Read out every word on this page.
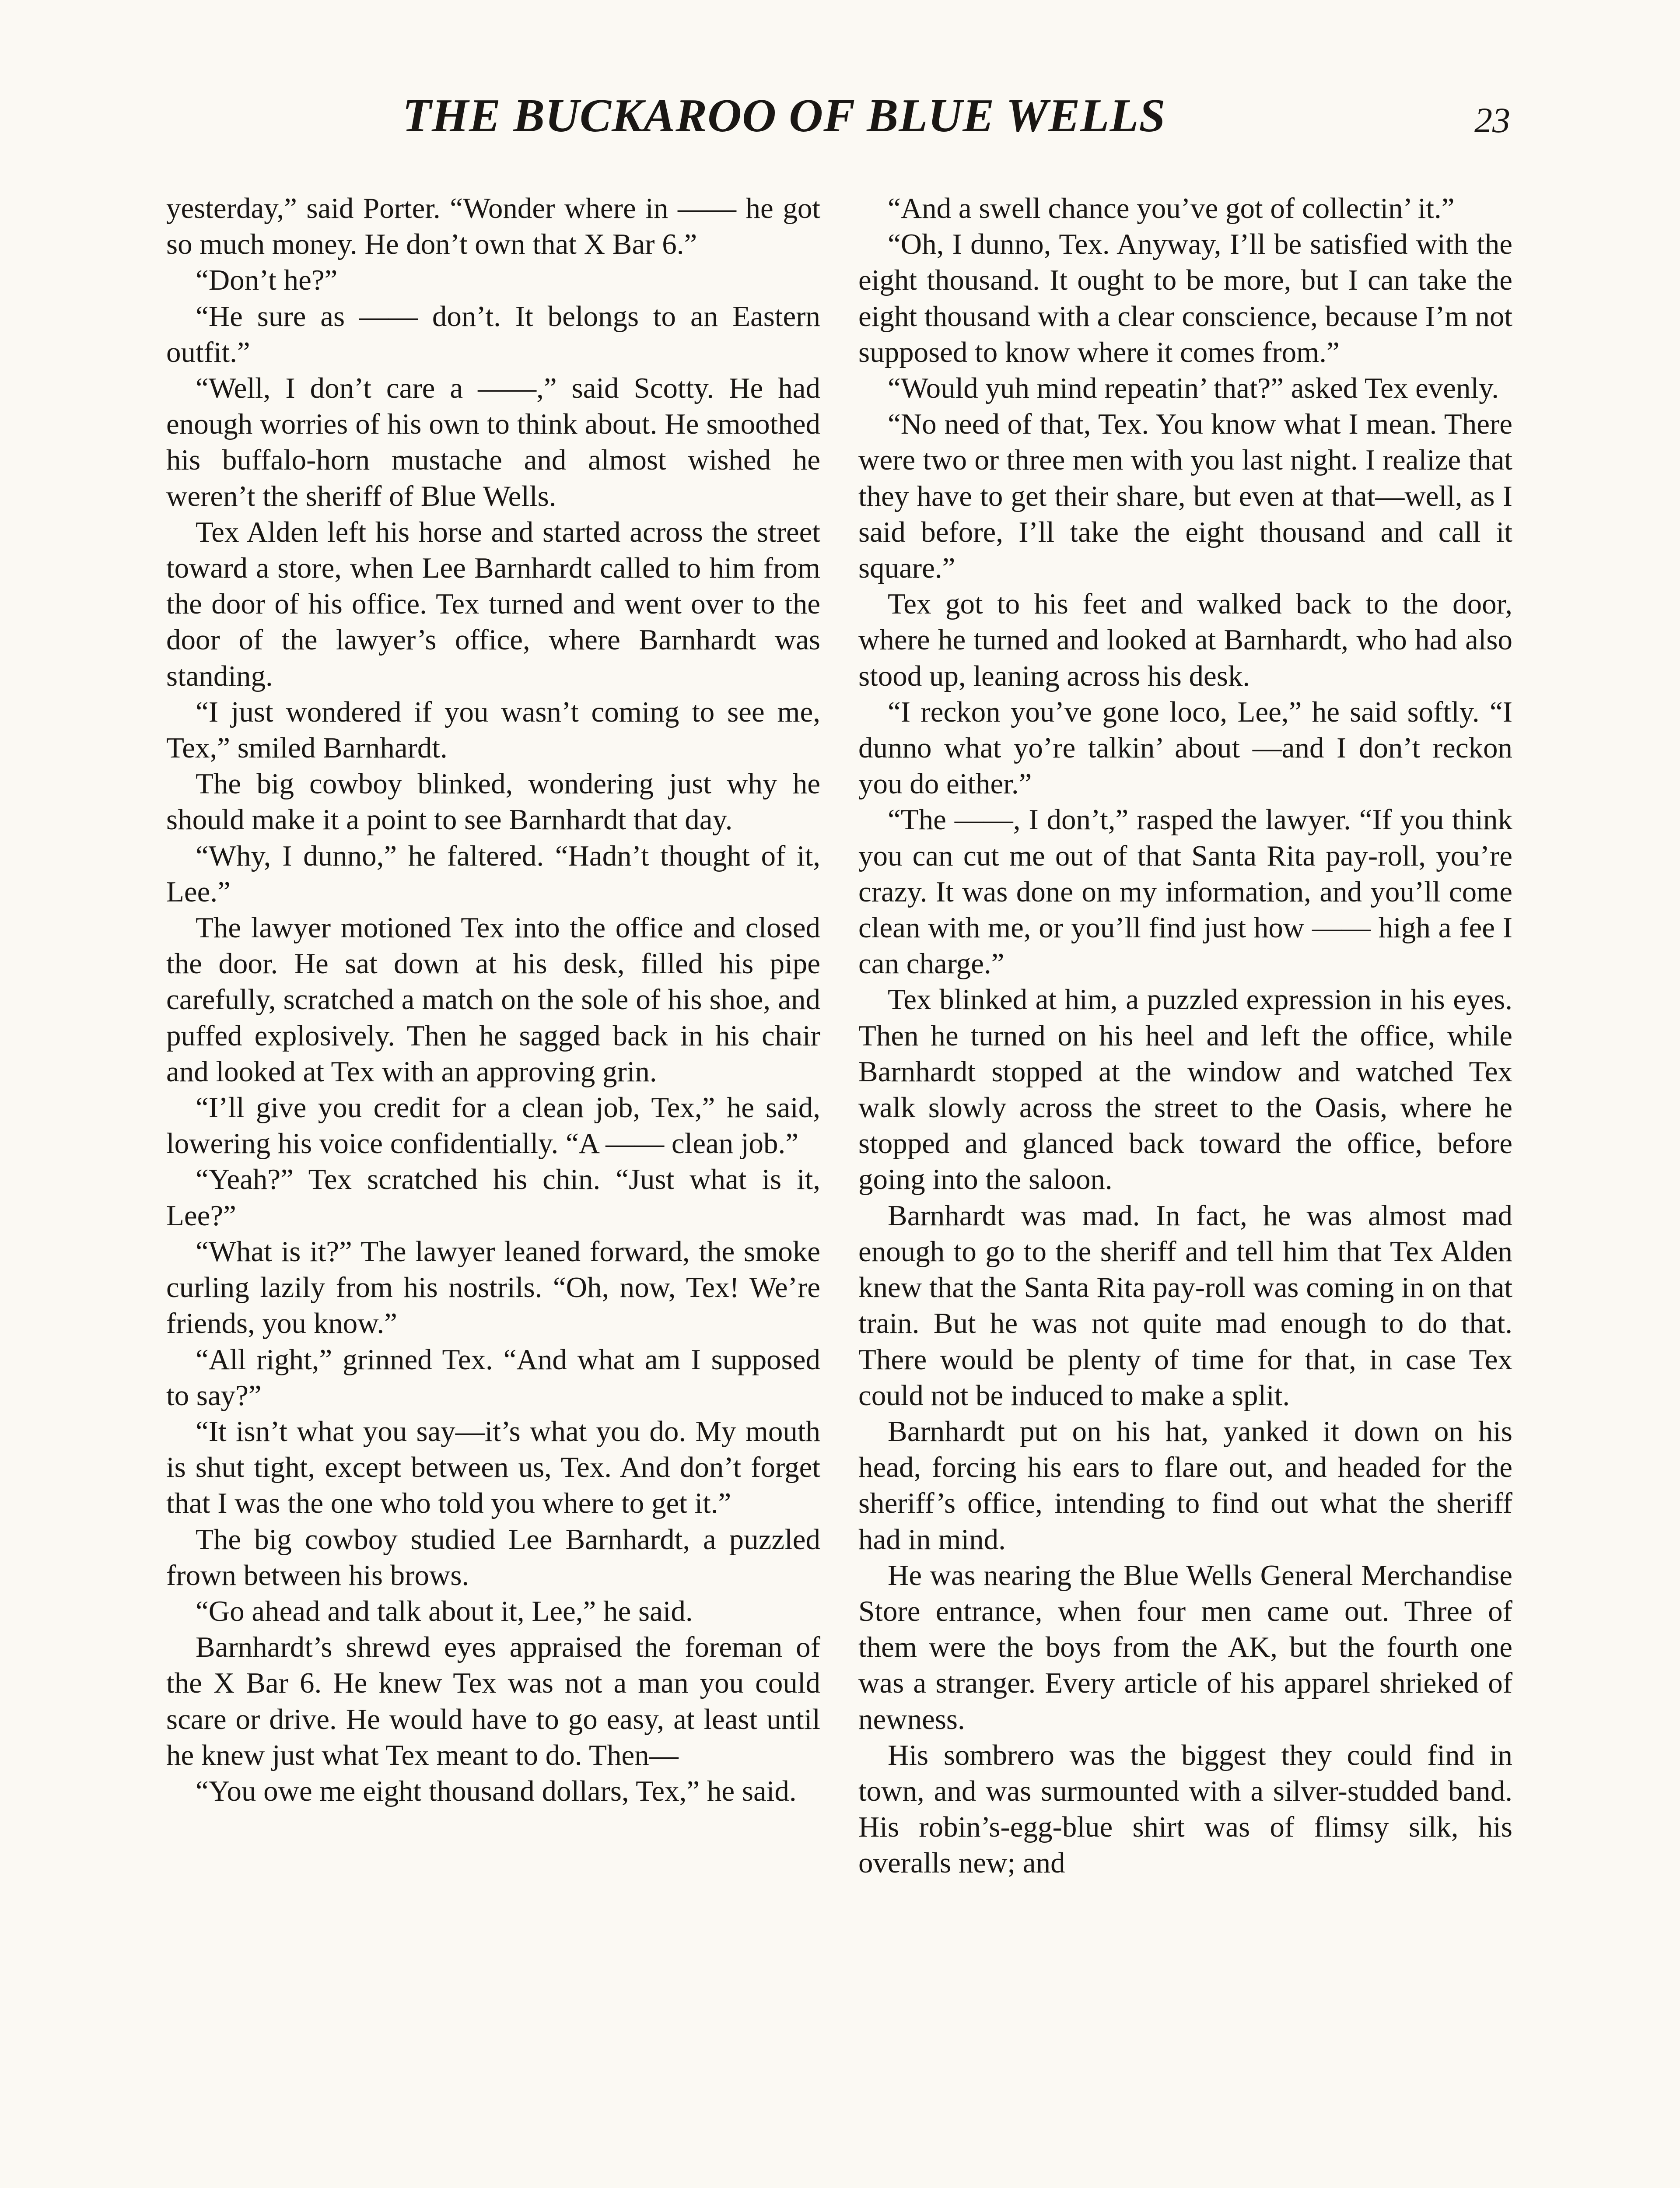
THE BUCKAROO OF BLUE WELLS	23

yesterday,” said Porter. “Wonder where in —— he got so much money. He don’t own that X Bar 6.”

“Don’t he?”

“He sure as —— don’t. It belongs to an Eastern outfit.”

“Well, I don’t care a ——,” said Scotty. He had enough worries of his own to think about. He smoothed his buffalo-horn mustache and almost wished he weren’t the sheriff of Blue Wells.

Tex Alden left his horse and started across the street toward a store, when Lee Barnhardt called to him from the door of his office. Tex turned and went over to the door of the lawyer’s office, where Barnhardt was standing.

“I just wondered if you wasn’t coming to see me, Tex,” smiled Barnhardt.

The big cowboy blinked, wondering just why he should make it a point to see Barnhardt that day.

“Why, I dunno,” he faltered. “Hadn’t thought of it, Lee.”

The lawyer motioned Tex into the office and closed the door. He sat down at his desk, filled his pipe carefully, scratched a match on the sole of his shoe, and puffed explosively. Then he sagged back in his chair and looked at Tex with an approving grin.

“I’ll give you credit for a clean job, Tex,” he said, lowering his voice confidentially. “A —— clean job.”

“Yeah?” Tex scratched his chin. “Just what is it, Lee?”

“What is it?” The lawyer leaned forward, the smoke curling lazily from his nostrils. “Oh, now, Tex! We’re friends, you know.”

“All right,” grinned Tex. “And what am I supposed to say?”

“It isn’t what you say—it’s what you do. My mouth is shut tight, except between us, Tex. And don’t forget that I was the one who told you where to get it.”

The big cowboy studied Lee Barnhardt, a puzzled frown between his brows.

“Go ahead and talk about it, Lee,” he said.

Barnhardt’s shrewd eyes appraised the foreman of the X Bar 6. He knew Tex was not a man you could scare or drive. He would have to go easy, at least until he knew just what Tex meant to do. Then—

“You owe me eight thousand dollars, Tex,” he said.

“And a swell chance you’ve got of collectin’ it.”

“Oh, I dunno, Tex. Anyway, I’ll be satisfied with the eight thousand. It ought to be more, but I can take the eight thousand with a clear conscience, because I’m not supposed to know where it comes from.”

“Would yuh mind repeatin’ that?” asked Tex evenly.

“No need of that, Tex. You know what I mean. There were two or three men with you last night. I realize that they have to get their share, but even at that—well, as I said before, I’ll take the eight thousand and call it square.”

Tex got to his feet and walked back to the door, where he turned and looked at Barnhardt, who had also stood up, leaning across his desk.

“I reckon you’ve gone loco, Lee,” he said softly. “I dunno what yo’re talkin’ about —and I don’t reckon you do either.”

“The ——, I don’t,” rasped the lawyer. “If you think you can cut me out of that Santa Rita pay-roll, you’re crazy. It was done on my information, and you’ll come clean with me, or you’ll find just how —— high a fee I can charge.”

Tex blinked at him, a puzzled expression in his eyes. Then he turned on his heel and left the office, while Barnhardt stopped at the window and watched Tex walk slowly across the street to the Oasis, where he stopped and glanced back toward the office, before going into the saloon.

Barnhardt was mad. In fact, he was almost mad enough to go to the sheriff and tell him that Tex Alden knew that the Santa Rita pay-roll was coming in on that train. But he was not quite mad enough to do that. There would be plenty of time for that, in case Tex could not be induced to make a split.

Barnhardt put on his hat, yanked it down on his head, forcing his ears to flare out, and headed for the sheriff’s office, intending to find out what the sheriff had in mind.

He was nearing the Blue Wells General Merchandise Store entrance, when four men came out. Three of them were the boys from the AK, but the fourth one was a stranger. Every article of his apparel shrieked of newness.

His sombrero was the biggest they could find in town, and was surmounted with a silver-studded band. His robin’s-egg-blue shirt was of flimsy silk, his overalls new; and
